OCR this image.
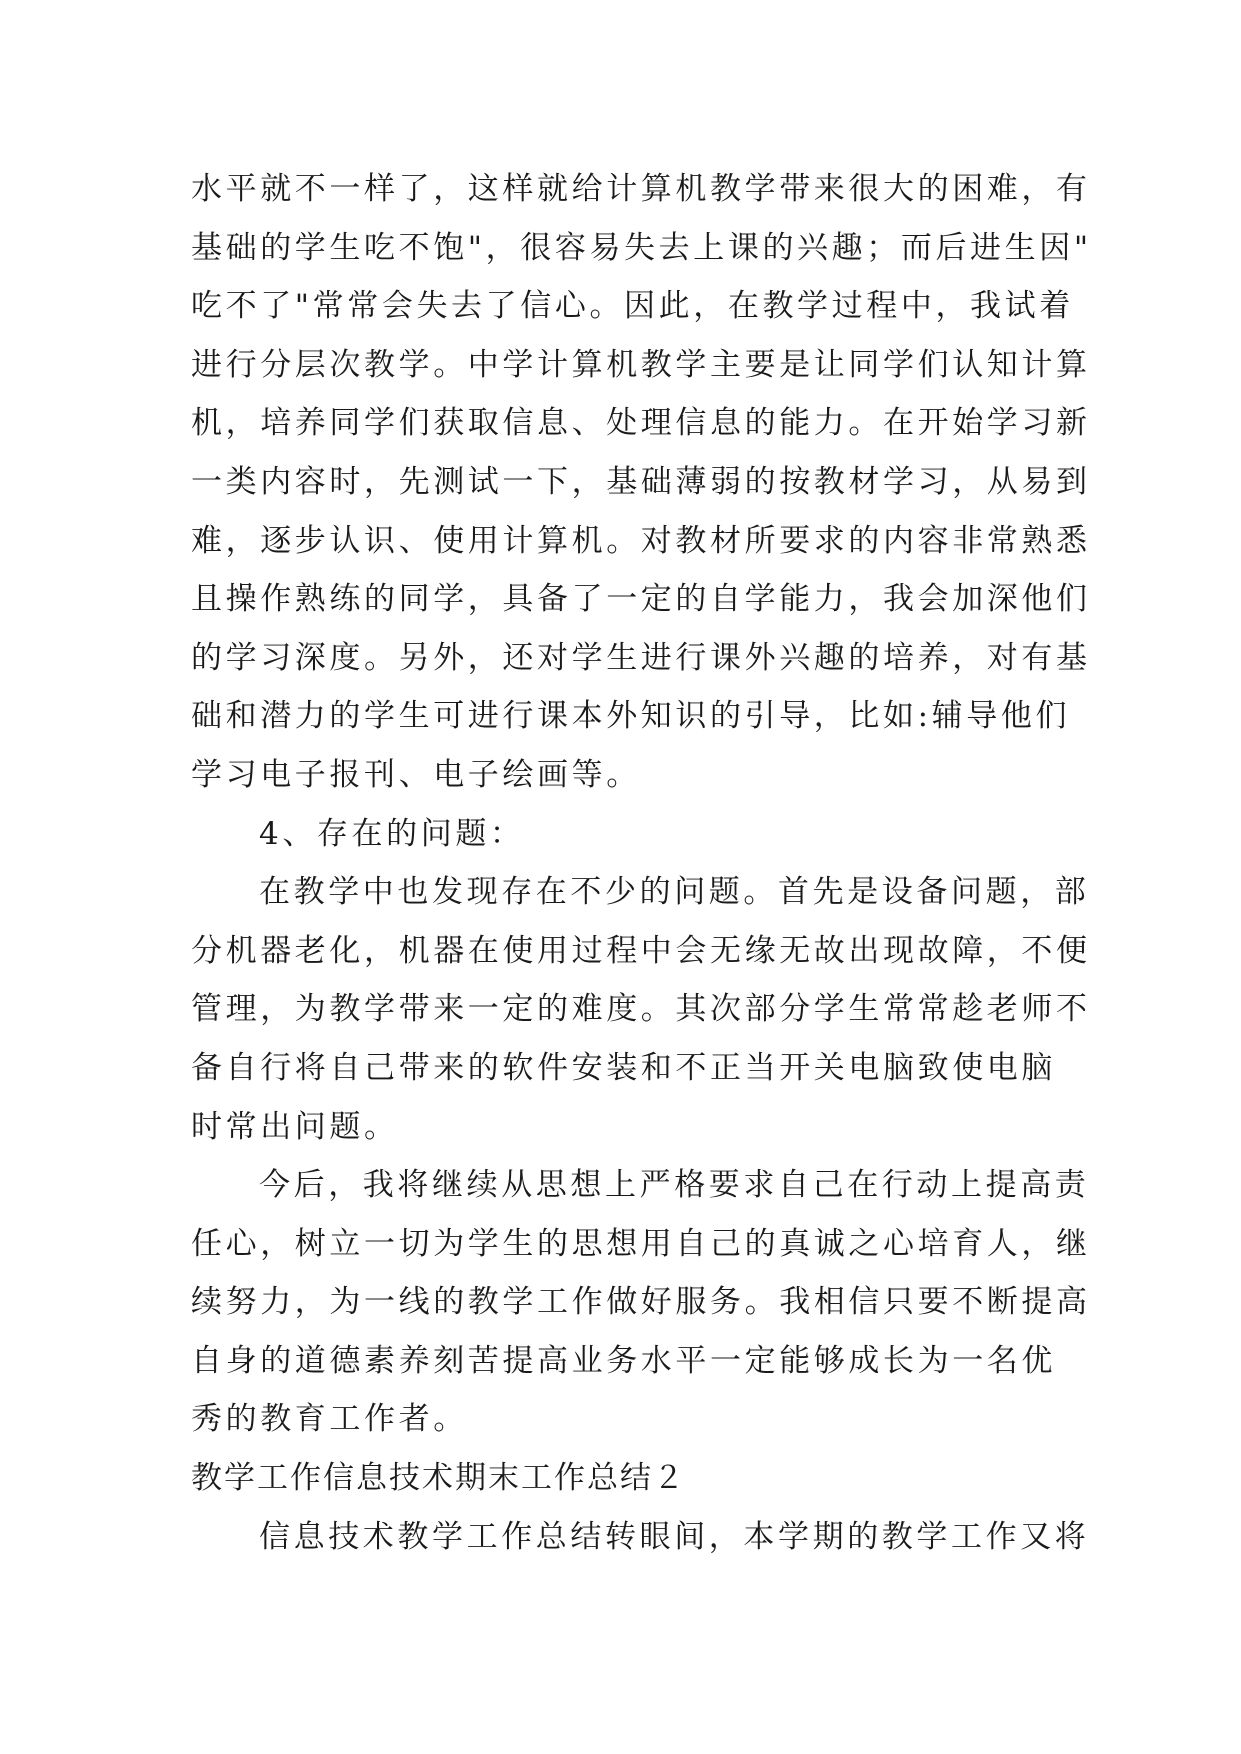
水平就不一样了，这样就给计算机教学带来很大的困难，有
基础的学生吃不饱"，很容易失去上课的兴趣；而后进生因"
吃不了"常常会失去了信心。因此，在教学过程中，我试着
进行分层次教学。中学计算机教学主要是让同学们认知计算
机，培养同学们获取信息、处理信息的能力。在开始学习新
一类内容时，先测试一下，基础薄弱的按教材学习，从易到
难，逐步认识、使用计算机。对教材所要求的内容非常熟悉
且操作熟练的同学，具备了一定的自学能力，我会加深他们
的学习深度。另外，还对学生进行课外兴趣的培养，对有基
础和潜力的学生可进行课本外知识的引导，比如:辅导他们
学习电子报刊、电子绘画等。
4、存在的问题：
在教学中也发现存在不少的问题。首先是设备问题，部
分机器老化，机器在使用过程中会无缘无故出现故障，不便
管理，为教学带来一定的难度。其次部分学生常常趁老师不
备自行将自己带来的软件安装和不正当开关电脑致使电脑
时常出问题。
今后，我将继续从思想上严格要求自己在行动上提高责
任心，树立一切为学生的思想用自己的真诚之心培育人，继
续努力，为一线的教学工作做好服务。我相信只要不断提高
自身的道德素养刻苦提高业务水平一定能够成长为一名优
秀的教育工作者。
教学工作信息技术期末工作总结２
信息技术教学工作总结转眼间，本学期的教学工作又将
